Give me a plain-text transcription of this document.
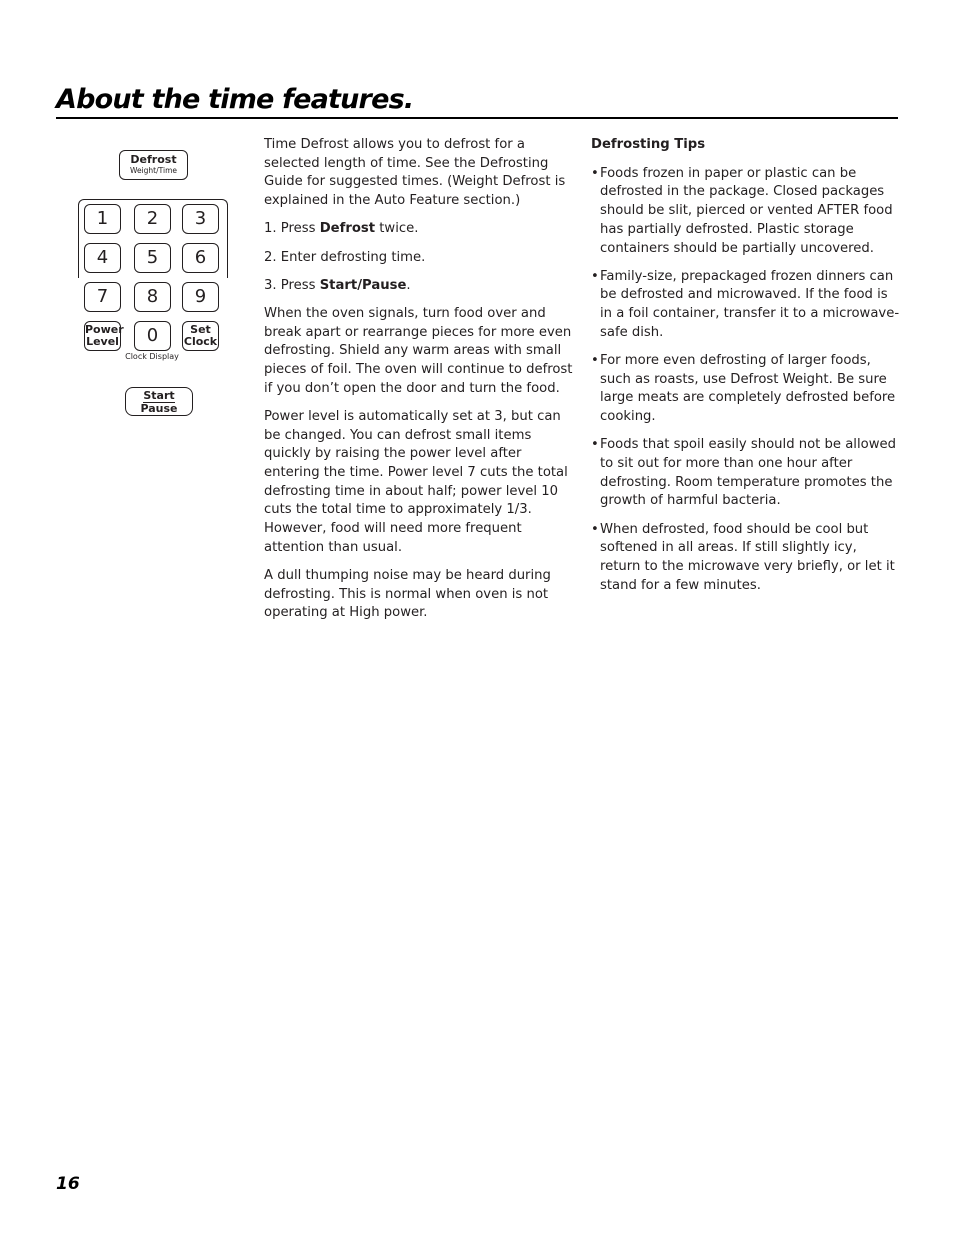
About the time features.
Defrost
Weight/Time
1	2	3
4	5	6
7	8	9
Power
Level	0	Set
Clock
Clock Display
Start
Pause

Time Defrost allows you to defrost for a selected length of time. See the Defrosting Guide for suggested times. (Weight Defrost is explained in the Auto Feature section.)

1. Press Defrost twice.

2. Enter defrosting time.

3. Press Start/Pause.

When the oven signals, turn food over and break apart or rearrange pieces for more even defrosting. Shield any warm areas with small pieces of foil. The oven will continue to defrost if you don’t open the door and turn the food.

Power level is automatically set at 3, but can be changed. You can defrost small items quickly by raising the power level after entering the time. Power level 7 cuts the total defrosting time in about half; power level 10 cuts the total time to approximately 1/3. However, food will need more frequent attention than usual.

A dull thumping noise may be heard during defrosting. This is normal when oven is not operating at High power.

Defrosting Tips

• Foods frozen in paper or plastic can be defrosted in the package. Closed packages should be slit, pierced or vented AFTER food has partially defrosted. Plastic storage containers should be partially uncovered.

• Family-size, prepackaged frozen dinners can be defrosted and microwaved. If the food is in a foil container, transfer it to a microwave-safe dish.

• For more even defrosting of larger foods, such as roasts, use Defrost Weight. Be sure large meats are completely defrosted before cooking.

• Foods that spoil easily should not be allowed to sit out for more than one hour after defrosting. Room temperature promotes the growth of harmful bacteria.

• When defrosted, food should be cool but softened in all areas. If still slightly icy, return to the microwave very briefly, or let it stand for a few minutes.

16
